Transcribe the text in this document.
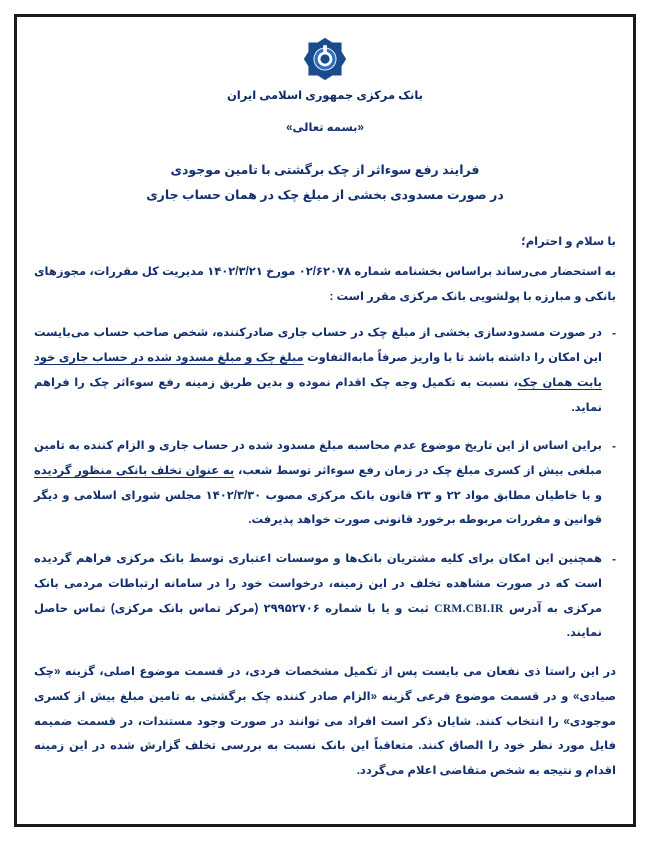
بانک مرکزی جمهوری اسلامی ایران
«بسمه تعالی»
فرایند رفع سوءاثر از چک برگشتی با تامین موجودی
در صورت مسدودی بخشی از مبلغ چک در همان حساب جاری
با سلام و احترام؛
به استحضار می‌رساند براساس بخشنامه شماره ۰۲/۶۲۰۷۸ مورخ ۱۴۰۲/۳/۲۱ مدیریت کل مقررات، مجوزهای بانکی و مبارزه با پولشویی بانک مرکزی مقرر است :
-
در صورت مسدودسازی بخشی از مبلغ چک در حساب جاری صادرکننده، شخص صاحب حساب می‌بایست این امکان را داشته باشد تا با واریز صرفاً مابه‌التفاوت مبلغ چک و مبلغ مسدود شده در حساب جاری خود بابت همان چک، نسبت به تکمیل وجه چک اقدام نموده و بدین طریق زمینه رفع سوءاثر چک را فراهم نماید.
-
براین اساس از این تاریخ موضوع عدم محاسبه مبلغ مسدود شده در حساب جاری و الزام کننده به تامین مبلغی بیش از کسری مبلغ چک در زمان رفع سوءاثر توسط شعب، به عنوان تخلف بانکی منظور گردیده و با خاطیان مطابق مواد ۲۲ و ۲۳ قانون بانک مرکزی مصوب ۱۴۰۲/۳/۳۰ مجلس شورای اسلامی و دیگر قوانین و مقررات مربوطه برخورد قانونی صورت خواهد پذیرفت.
-
همچنین این امکان برای کلیه مشتریان بانک‌ها و موسسات اعتباری توسط بانک مرکزی فراهم گردیده است که در صورت مشاهده تخلف در این زمینه، درخواست خود را در سامانه ارتباطات مردمی بانک مرکزی به آدرس CRM.CBI.IR ثبت و یا با شماره ۲۹۹۵۲۷۰۶ (مرکز تماس بانک مرکزی) تماس حاصل نمایند.
در این راستا ذی نفعان می بایست پس از تکمیل مشخصات فردی، در قسمت موضوع اصلی، گزینه «چک صیادی» و در قسمت موضوع فرعی گزینه «الزام صادر کننده چک برگشتی به تامین مبلغ بیش از کسری موجودی» را انتخاب کنند. شایان ذکر است افراد می توانند در صورت وجود مستندات، در قسمت ضمیمه فایل مورد نظر خود را الصاق کنند. متعاقباً این بانک نسبت به بررسی تخلف گزارش شده در این زمینه اقدام و نتیجه به شخص متقاضی اعلام می‌گردد.
